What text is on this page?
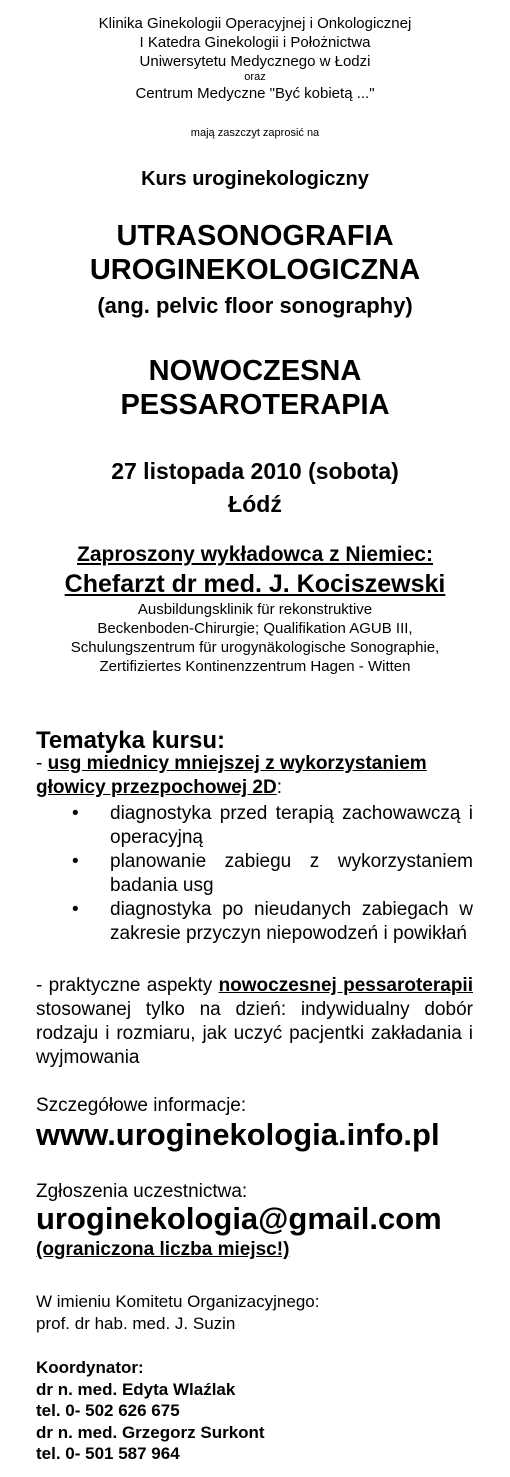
Klinika Ginekologii Operacyjnej i Onkologicznej
I Katedra Ginekologii i Położnictwa
Uniwersytetu Medycznego w Łodzi
oraz
Centrum Medyczne "Być kobietą ..."
mają zaszczyt zaprosić na
Kurs uroginekologiczny
UTRASONOGRAFIA
UROGINEKOLOGICZNA
(ang. pelvic floor sonography)
NOWOCZESNA
PESSAROTERAPIA
27 listopada 2010 (sobota)
Łódź
Zaproszony wykładowca z Niemiec:
Chefarzt dr med. J. Kociszewski
Ausbildungsklinik für rekonstruktive
Beckenboden-Chirurgie; Qualifikation AGUB III,
Schulungszentrum für urogynäkologische Sonographie,
Zertifiziertes Kontinenzzentrum Hagen - Witten
Tematyka kursu:
- usg miednicy mniejszej z wykorzystaniem głowicy przezpochowej 2D:
• diagnostyka przed terapią zachowawczą i operacyjną
• planowanie zabiegu z wykorzystaniem badania usg
• diagnostyka po nieudanych zabiegach w zakresie przyczyn niepowodzeń i powikłań
- praktyczne aspekty nowoczesnej pessaroterapii stosowanej tylko na dzień: indywidualny dobór rodzaju i rozmiaru, jak uczyć pacjentki zakładania i wyjmowania
Szczegółowe informacje:
www.uroginekologia.info.pl
Zgłoszenia uczestnictwa:
uroginekologia@gmail.com
(ograniczona liczba miejsc!)
W imieniu Komitetu Organizacyjnego:
prof. dr hab. med. J. Suzin
Koordynator:
dr n. med. Edyta Wlaźlak
tel. 0- 502 626 675
dr n. med. Grzegorz Surkont
tel. 0- 501 587 964
